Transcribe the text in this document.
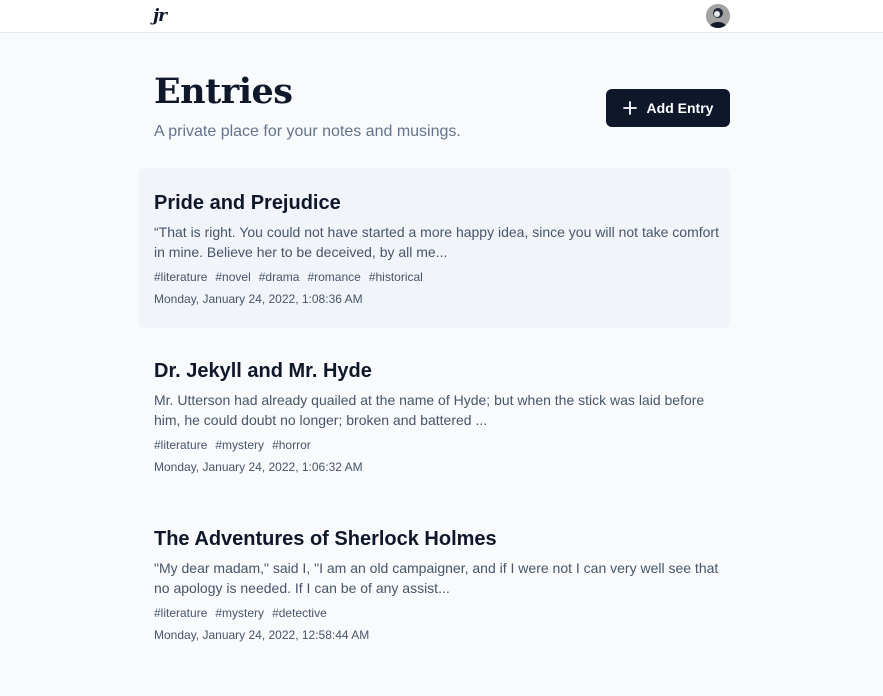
jr
Entries

A private place for your notes and musings.

Add Entry
Pride and Prejudice
“That is right. You could not have started a more happy idea, since you will not take comfort in mine. Believe her to be deceived, by all me...
#literature #novel #drama #romance #historical
Monday, January 24, 2022, 1:08:36 AM
Dr. Jekyll and Mr. Hyde
Mr. Utterson had already quailed at the name of Hyde; but when the stick was laid before him, he could doubt no longer; broken and battered ...
#literature #mystery #horror
Monday, January 24, 2022, 1:06:32 AM
The Adventures of Sherlock Holmes
"My dear madam," said I, "I am an old campaigner, and if I were not I can very well see that no apology is needed. If I can be of any assist...
#literature #mystery #detective
Monday, January 24, 2022, 12:58:44 AM
